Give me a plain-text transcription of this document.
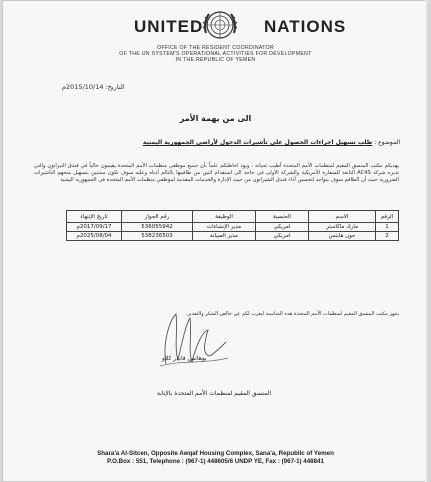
UNITED	NATIONS
OFFICE OF THE RESIDENT COORDINATOR
OF THE UN SYSTEM'S OPERATIONAL ACTIVITIES FOR DEVELOPMENT
IN THE REPUBLIC OF YEMEN
التاريخ: 2015/10/14م
الى من يهمة الأمر
الموضوع : طلب تسهيل اجراءات الحصول على تأشيرات الدخول لأراضي الجمهورية اليمنية
يهديكم مكتب المنسق المقيم لمنظمات الأمم المتحدة أطيب تحياته ، ويود احاطتكم علماً بأن جميع موظفي منظمات الأمم المتحدة يقيمون حالياً في فندق التيراتون والتي تديره شركة AC4S التابعة للسفارة الأمريكية والشركة الأولى في حاجة الى استقدام اثنين من طاقمها بالتالم أدناه وعليه سوف تكون ممتنين بتسهيل منحهم التأشيرات الضرورية حيث أن الطاقم سوف يتواجد لتحسين أداء فندق الشيراتون من حيث الإدارة والخدمات المقدمة لموظفي منظمات الأمم المتحدة في الجمهورية اليمنية
الرقم	الاسم	الجنسية	الوظيفة	رقم الجواز	تاريخ الإنتهاء
1	مارك ماكاستر	امريكي	مدير الإنشاءات	536055942	2017/09/17م
2	جون هاينس	امريكي	مدير الصيانة	538236503	2025/08/04م
ينتهز مكتب المنسق المقيم لمنظمات الأمم المتحدة هذه المناسبة ليعرب لكم عن خالص الشكر والتقدير.
يوهانس فانذر كلاو
المنسق المقيم لمنظمات الأمم المتحدة بالإنابة
Shara'a Al-Sitcen, Opposite Awqaf Housing Complex, Sana'a, Republic of Yemen
P.O.Box : 551, Telephone : (967-1) 448605/6 UNDP YE, Fax : (967-1) 448841
